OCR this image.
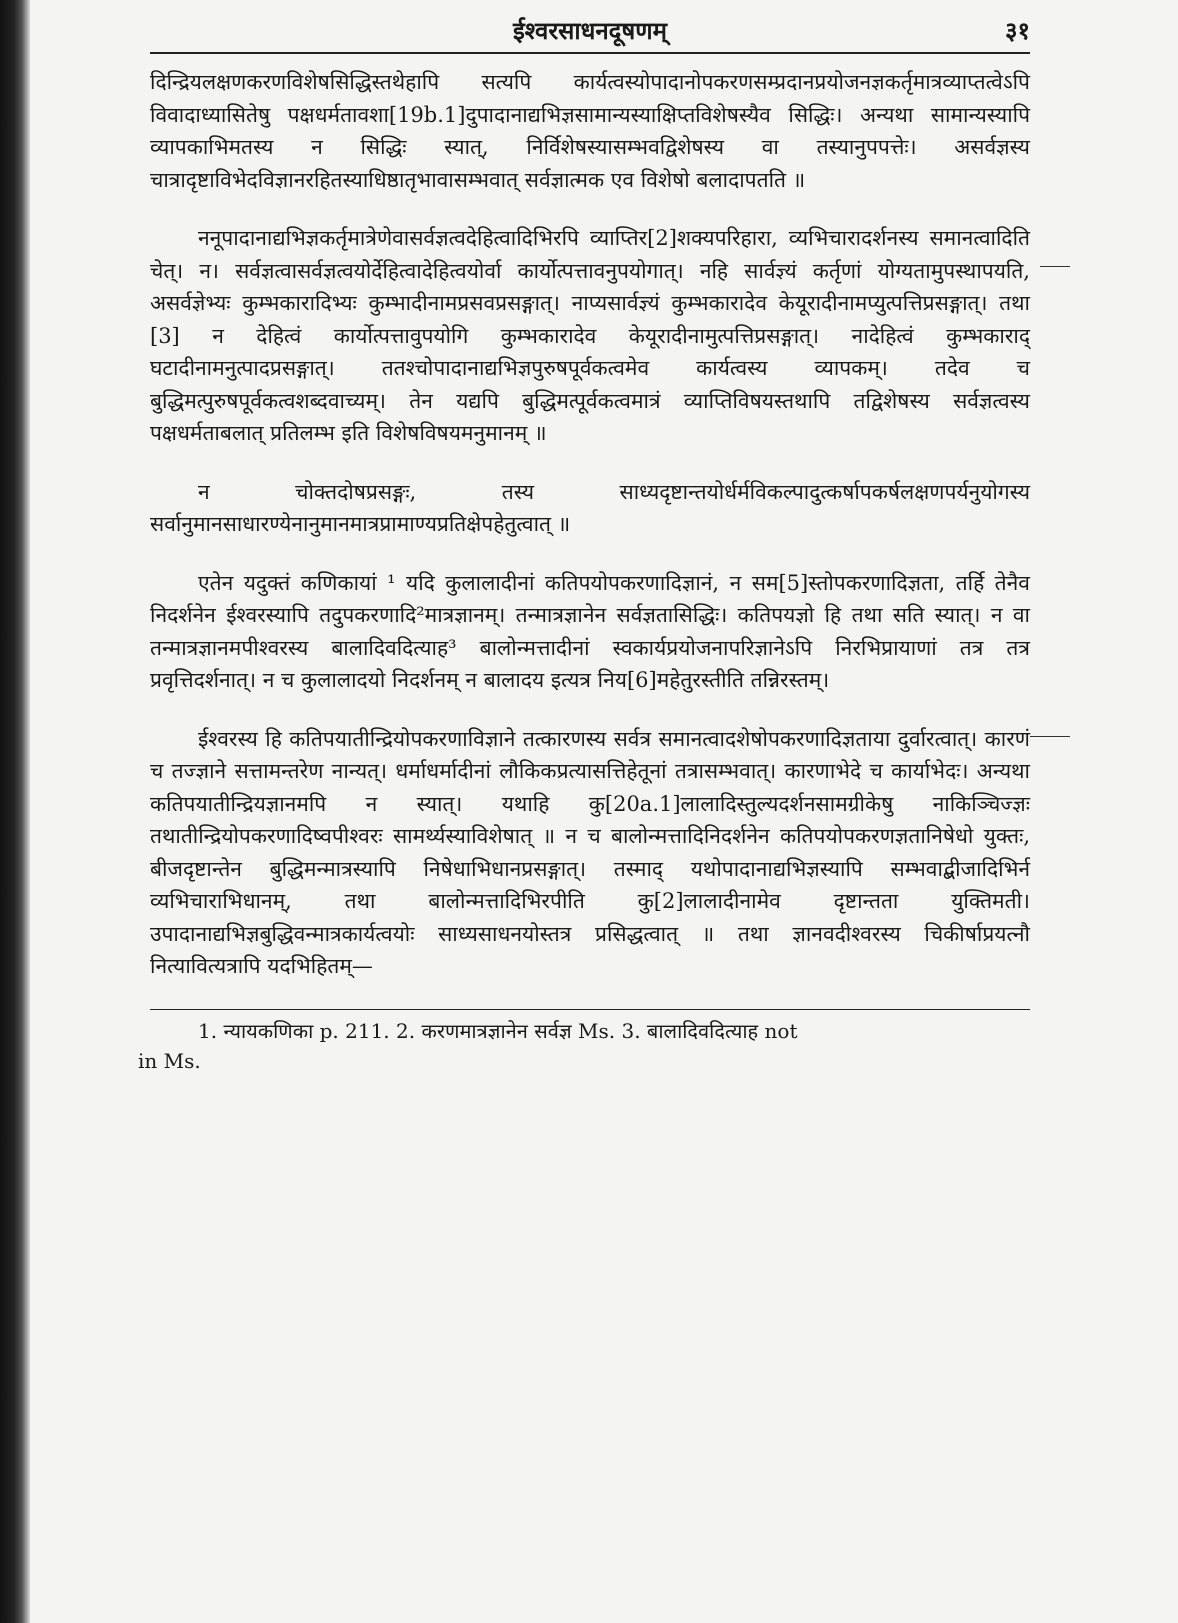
ईश्वरसाधनदूषणम्	३१

दिन्द्रियलक्षणकरणविशेषसिद्धिस्तथेहापि सत्यपि कार्यत्वस्योपादानोपकरणसम्प्रदानप्रयोजनज्ञकर्तृमात्रव्याप्तत्वेऽपि विवादाध्यासितेषु पक्षधर्मतावशा[19b.1]दुपादानाद्यभिज्ञसामान्यस्याक्षिप्तविशेषस्यैव सिद्धिः। अन्यथा सामान्यस्यापि व्यापकाभिमतस्य न सिद्धिः स्यात्, निर्विशेषस्यासम्भवद्विशेषस्य वा तस्यानुपपत्तेः। असर्वज्ञस्य चात्रादृष्टाविभेदविज्ञानरहितस्याधिष्ठातृभावासम्भवात् सर्वज्ञात्मक एव विशेषो बलादापतति ॥

ननूपादानाद्यभिज्ञकर्तृमात्रेणेवासर्वज्ञत्वदेहित्वादिभिरपि व्याप्तिर[2]शक्यपरिहारा, व्यभिचारादर्शनस्य समानत्वादिति चेत्। न। सर्वज्ञत्वासर्वज्ञत्वयोर्देहित्वादेहित्वयोर्वा कार्योत्पत्तावनुपयोगात्। नहि सार्वज्ञ्यं कर्तृणां योग्यतामुपस्थापयति, असर्वज्ञेभ्यः कुम्भकारादिभ्यः कुम्भादीनामप्रसवप्रसङ्गात्। नाप्यसार्वज्ञ्यं कुम्भकारादेव केयूरादीनामप्युत्पत्तिप्रसङ्गात्। तथा [3] न देहित्वं कार्योत्पत्तावुपयोगि कुम्भकारादेव केयूरादीनामुत्पत्तिप्रसङ्गात्। नादेहित्वं कुम्भकाराद् घटादीनामनुत्पादप्रसङ्गात्। ततश्चोपादानाद्यभिज्ञपुरुषपूर्वकत्वमेव कार्यत्वस्य व्यापकम्। तदेव च बुद्धिमत्पुरुषपूर्वकत्वशब्दवाच्यम्। तेन यद्यपि बुद्धिमत्पूर्वकत्वमात्रं व्याप्तिविषयस्तथापि तद्विशेषस्य सर्वज्ञत्वस्य पक्षधर्मताबलात् प्रतिलम्भ इति विशेषविषयमनुमानम् ॥

न चोक्तदोषप्रसङ्गः, तस्य साध्यदृष्टान्तयोर्धर्मविकल्पादुत्कर्षापकर्षलक्षणपर्यनुयोगस्य सर्वानुमानसाधारण्येनानुमानमात्रप्रामाण्यप्रतिक्षेपहेतुत्वात् ॥

एतेन यदुक्तं कणिकायां ¹ यदि कुलालादीनां कतिपयोपकरणादिज्ञानं, न सम[5]स्तोपकरणादिज्ञता, तर्हि तेनैव निदर्शनेन ईश्वरस्यापि तदुपकरणादि²मात्रज्ञानम्। तन्मात्रज्ञानेन सर्वज्ञतासिद्धिः। कतिपयज्ञो हि तथा सति स्यात्। न वा तन्मात्रज्ञानमपीश्वरस्य बालादिवदित्याह³ बालोन्मत्तादीनां स्वकार्यप्रयोजनापरिज्ञानेऽपि निरभिप्रायाणां तत्र तत्र प्रवृत्तिदर्शनात्। न च कुलालादयो निदर्शनम् न बालादय इत्यत्र निय[6]महेतुरस्तीति तन्निरस्तम्।

ईश्वरस्य हि कतिपयातीन्द्रियोपकरणाविज्ञाने तत्कारणस्य सर्वत्र समानत्वादशेषोपकरणादिज्ञताया दुर्वारत्वात्। कारणं च तज्ज्ञाने सत्तामन्तरेण नान्यत्। धर्माधर्मादीनां लौकिकप्रत्यासत्तिहेतूनां तत्रासम्भवात्। कारणाभेदे च कार्याभेदः। अन्यथा कतिपयातीन्द्रियज्ञानमपि न स्यात्। यथाहि कु[20a.1]लालादिस्तुल्यदर्शनसामग्रीकेषु नाकिञ्चिज्ज्ञः तथातीन्द्रियोपकरणादिष्वपीश्वरः सामर्थ्यस्याविशेषात् ॥ न च बालोन्मत्तादिनिदर्शनेन कतिपयोपकरणज्ञतानिषेधो युक्तः, बीजदृष्टान्तेन बुद्धिमन्मात्रस्यापि निषेधाभिधानप्रसङ्गात्। तस्माद् यथोपादानाद्यभिज्ञस्यापि सम्भवाद्बीजादिभिर्न व्यभिचाराभिधानम्, तथा बालोन्मत्तादिभिरपीति कु[2]लालादीनामेव दृष्टान्तता युक्तिमती। उपादानाद्यभिज्ञबुद्धिवन्मात्रकार्यत्वयोः साध्यसाधनयोस्तत्र प्रसिद्धत्वात् ॥ तथा ज्ञानवदीश्वरस्य चिकीर्षाप्रयत्नौ नित्यावित्यत्रापि यदभिहितम्—

1. न्यायकणिका p. 211. 2. करणमात्रज्ञानेन सर्वज्ञ Ms. 3. बालादिवदित्याह not
in Ms.
